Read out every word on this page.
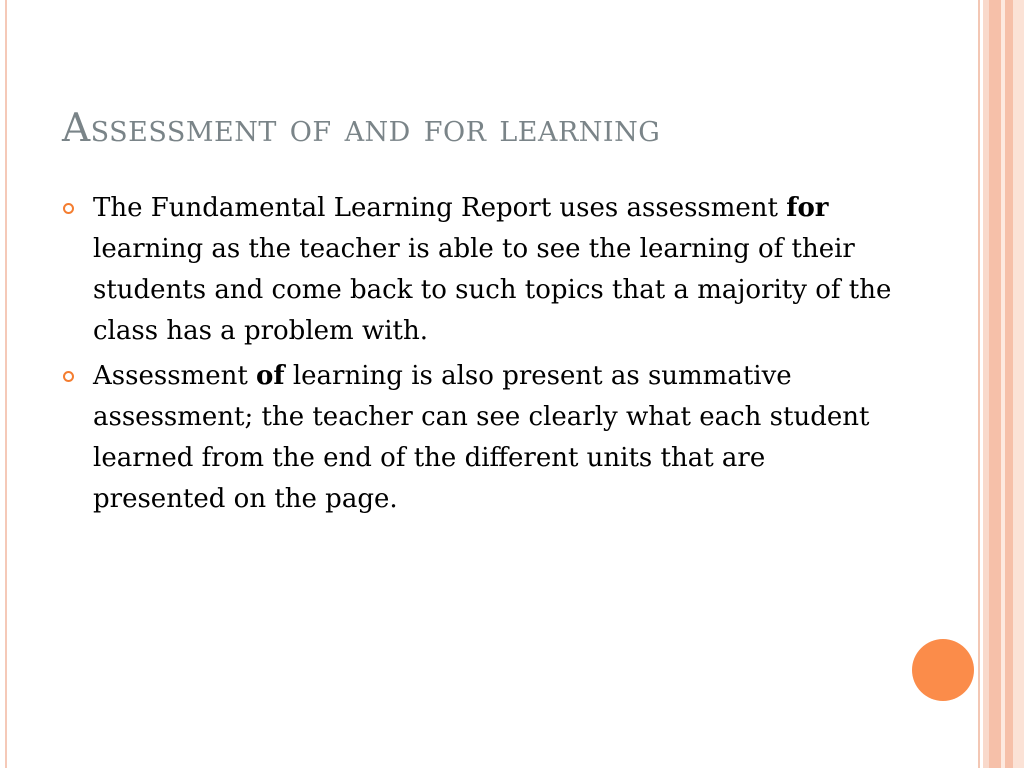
Assessment of and for learning
The Fundamental Learning Report uses assessment for learning as the teacher is able to see the learning of their students and come back to such topics that a majority of the class has a problem with.
Assessment of learning is also present as summative assessment; the teacher can see clearly what each student learned from the end of the different units that are presented on the page.
